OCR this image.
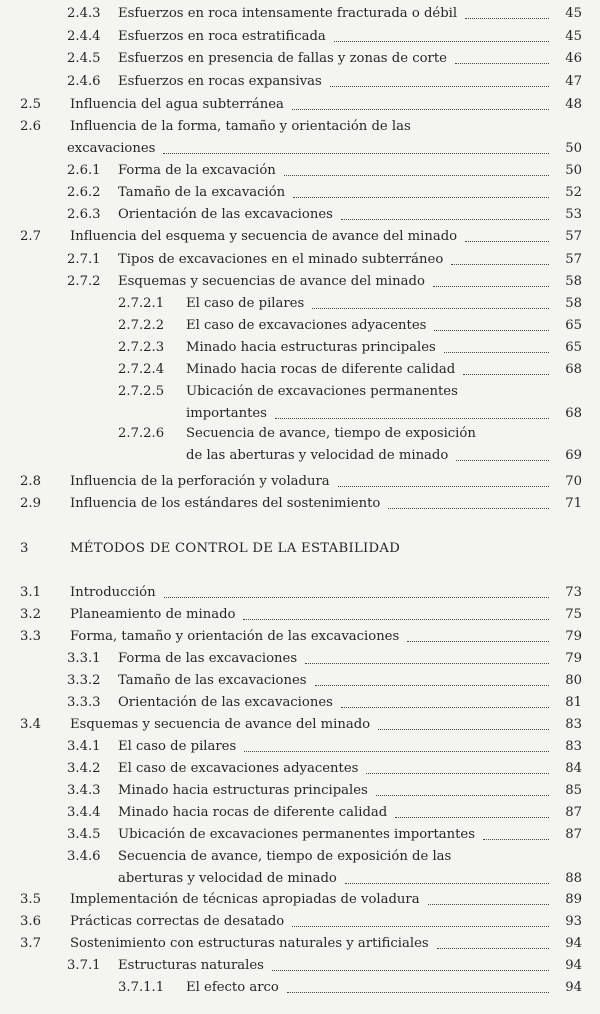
2.4.3 Esfuerzos en roca intensamente fracturada o débil	45
2.4.4 Esfuerzos en roca estratificada	45
2.4.5 Esfuerzos en presencia de fallas y zonas de corte	46
2.4.6 Esfuerzos en rocas expansivas	47
2.5 Influencia del agua subterránea	48
2.6 Influencia de la forma, tamaño y orientación de las
excavaciones	50
2.6.1 Forma de la excavación	50
2.6.2 Tamaño de la excavación	52
2.6.3 Orientación de las excavaciones	53
2.7 Influencia del esquema y secuencia de avance del minado	57
2.7.1 Tipos de excavaciones en el minado subterráneo	57
2.7.2 Esquemas y secuencias de avance del minado	58
2.7.2.1 El caso de pilares	58
2.7.2.2 El caso de excavaciones adyacentes	65
2.7.2.3 Minado hacia estructuras principales	65
2.7.2.4 Minado hacia rocas de diferente calidad	68
2.7.2.5 Ubicación de excavaciones permanentes
importantes	68
2.7.2.6 Secuencia de avance, tiempo de exposición
de las aberturas y velocidad de minado	69
2.8 Influencia de la perforación y voladura	70
2.9 Influencia de los estándares del sostenimiento	71
3	MÉTODOS DE CONTROL DE LA ESTABILIDAD
3.1 Introducción	73
3.2 Planeamiento de minado	75
3.3 Forma, tamaño y orientación de las excavaciones	79
3.3.1 Forma de las excavaciones	79
3.3.2 Tamaño de las excavaciones	80
3.3.3 Orientación de las excavaciones	81
3.4 Esquemas y secuencia de avance del minado	83
3.4.1 El caso de pilares	83
3.4.2 El caso de excavaciones adyacentes	84
3.4.3 Minado hacia estructuras principales	85
3.4.4 Minado hacia rocas de diferente calidad	87
3.4.5 Ubicación de excavaciones permanentes importantes	87
3.4.6 Secuencia de avance, tiempo de exposición de las
aberturas y velocidad de minado	88
3.5 Implementación de técnicas apropiadas de voladura	89
3.6 Prácticas correctas de desatado	93
3.7 Sostenimiento con estructuras naturales y artificiales	94
3.7.1 Estructuras naturales	94
3.7.1.1 El efecto arco	94
